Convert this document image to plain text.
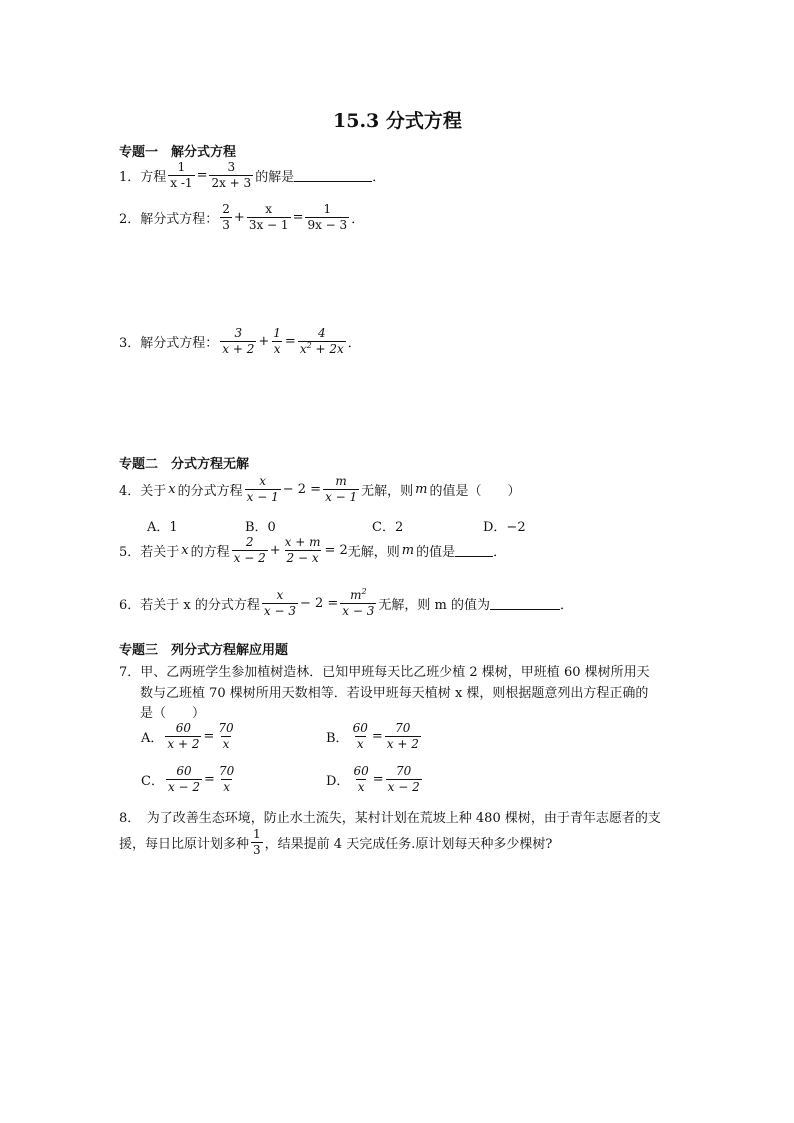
15.3 分式方程
专题一　解分式方程
1．方程 $\frac{1}{x -1} = \frac{3}{2x + 3}$ 的解是	．
2．解分式方程： $\frac{2}{3} + \frac{x}{3x - 1} = \frac{1}{9x - 3}$ ．
3．解分式方程： $\frac{3}{x + 2} + \frac{1}{x} = \frac{4}{x^2 + 2x}$ ．
专题二　分式方程无解
4．关于 x 的分式方程 $\frac{x}{x - 1} - 2 = \frac{m}{x - 1}$ 无解，则 m 的值是（　　）
A．1	B．0	C．2	D．−2
5．若关于 x 的方程 $\frac{2}{x - 2} + \frac{x + m}{2 - x} = 2$ 无解，则 m 的值是	．
6．若关于 x 的分式方程 $\frac{x}{x - 3} - 2 = \frac{m^2}{x - 3}$ 无解，则 m 的值为	．
专题三　列分式方程解应用题
7．甲、乙两班学生参加植树造林．已知甲班每天比乙班少植 2 棵树，甲班植 60 棵树所用天
数与乙班植 70 棵树所用天数相等．若设甲班每天植树 x 棵，则根据题意列出方程正确的
是（　　）
A． $\frac{60}{x + 2} = \frac{70}{x}$	B． $\frac{60}{x} = \frac{70}{x + 2}$
C． $\frac{60}{x - 2} = \frac{70}{x}$	D． $\frac{60}{x} = \frac{70}{x - 2}$
8．　为了改善生态环境，防止水土流失，某村计划在荒坡上种 480 棵树，由于青年志愿者的支
援，每日比原计划多种 $\frac{1}{3}$ ，结果提前 4 天完成任务.原计划每天种多少棵树?
